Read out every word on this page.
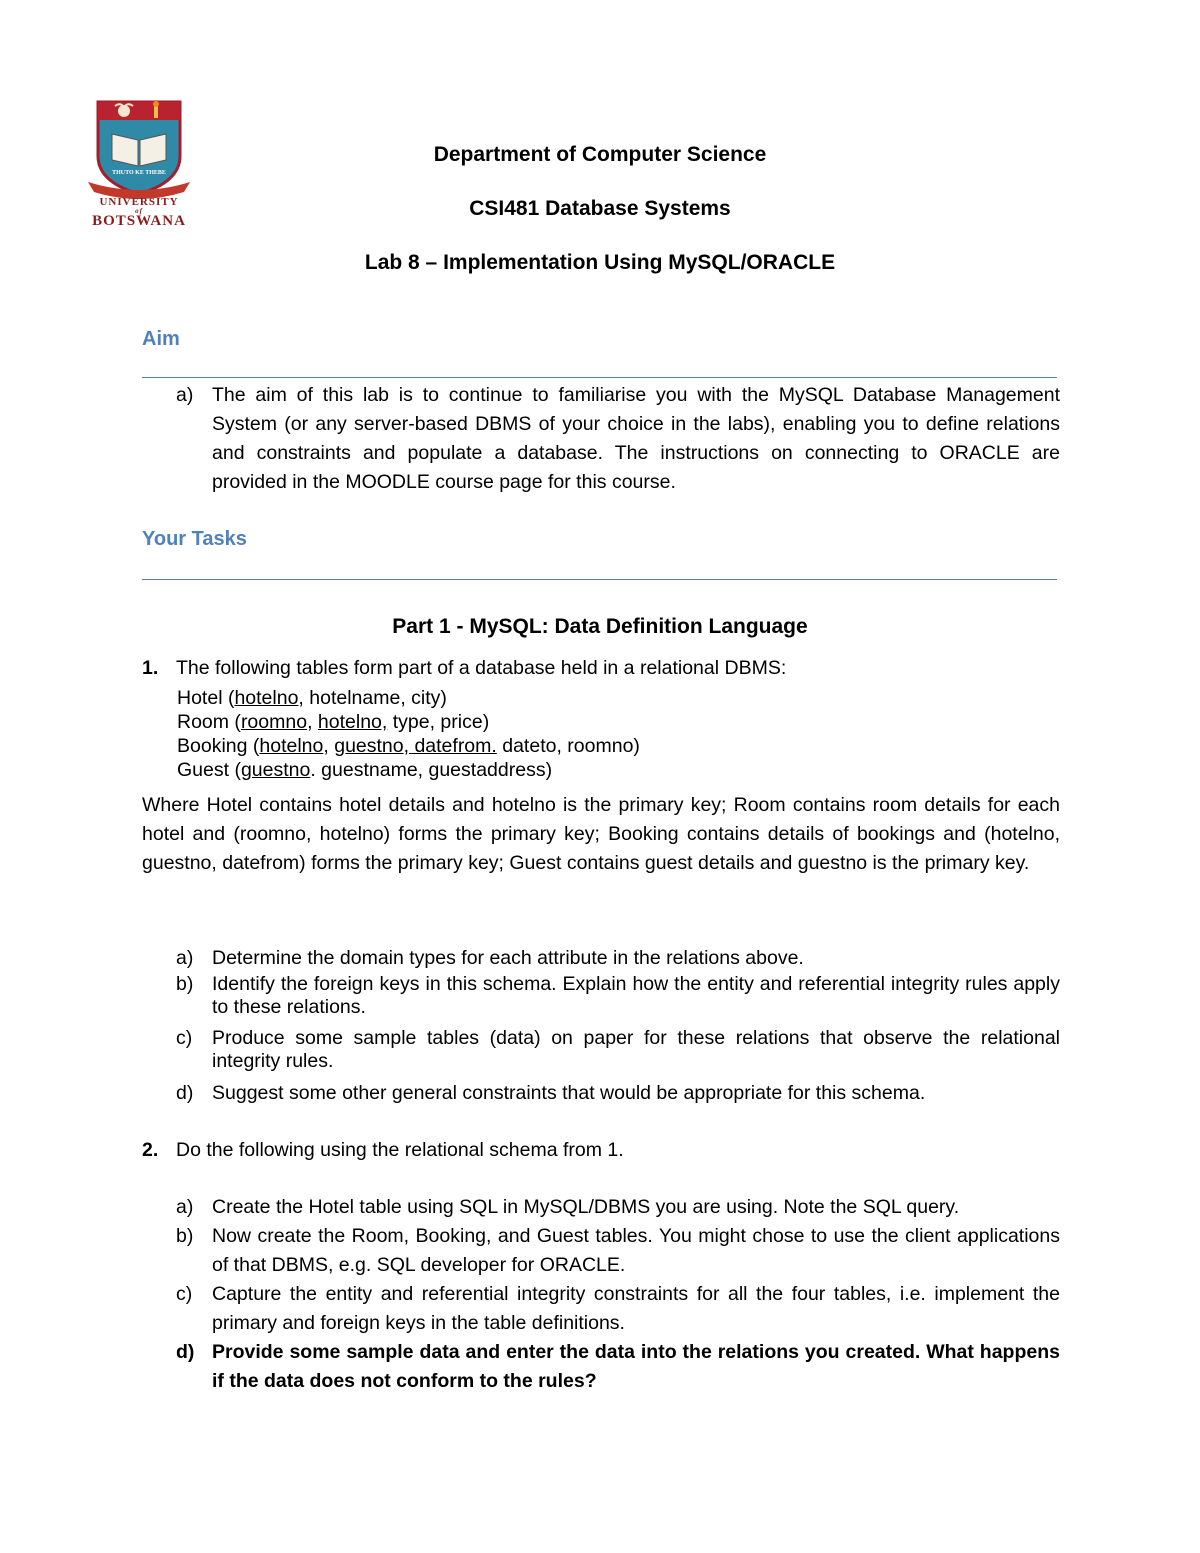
THUTO KE THEBE
UNIVERSITY
of
BOTSWANA
Department of Computer Science
CSI481 Database Systems
Lab 8 – Implementation Using MySQL/ORACLE
Aim
a) The aim of this lab is to continue to familiarise you with the MySQL Database Management System (or any server-based DBMS of your choice in the labs), enabling you to define relations and constraints and populate a database. The instructions on connecting to ORACLE are provided in the MOODLE course page for this course.
Your Tasks
Part 1 - MySQL: Data Definition Language
1. The following tables form part of a database held in a relational DBMS:
Hotel (hotelno, hotelname, city)
Room (roomno, hotelno, type, price)
Booking (hotelno, guestno, datefrom. dateto, roomno)
Guest (guestno. guestname, guestaddress)
Where Hotel contains hotel details and hotelno is the primary key; Room contains room details for each hotel and (roomno, hotelno) forms the primary key; Booking contains details of bookings and (hotelno, guestno, datefrom) forms the primary key; Guest contains guest details and guestno is the primary key.
a) Determine the domain types for each attribute in the relations above.
b) Identify the foreign keys in this schema. Explain how the entity and referential integrity rules apply to these relations.
c) Produce some sample tables (data) on paper for these relations that observe the relational integrity rules.
d) Suggest some other general constraints that would be appropriate for this schema.
2. Do the following using the relational schema from 1.
a) Create the Hotel table using SQL in MySQL/DBMS you are using. Note the SQL query.
b) Now create the Room, Booking, and Guest tables. You might chose to use the client applications of that DBMS, e.g. SQL developer for ORACLE.
c) Capture the entity and referential integrity constraints for all the four tables, i.e. implement the primary and foreign keys in the table definitions.
d) Provide some sample data and enter the data into the relations you created. What happens if the data does not conform to the rules?
